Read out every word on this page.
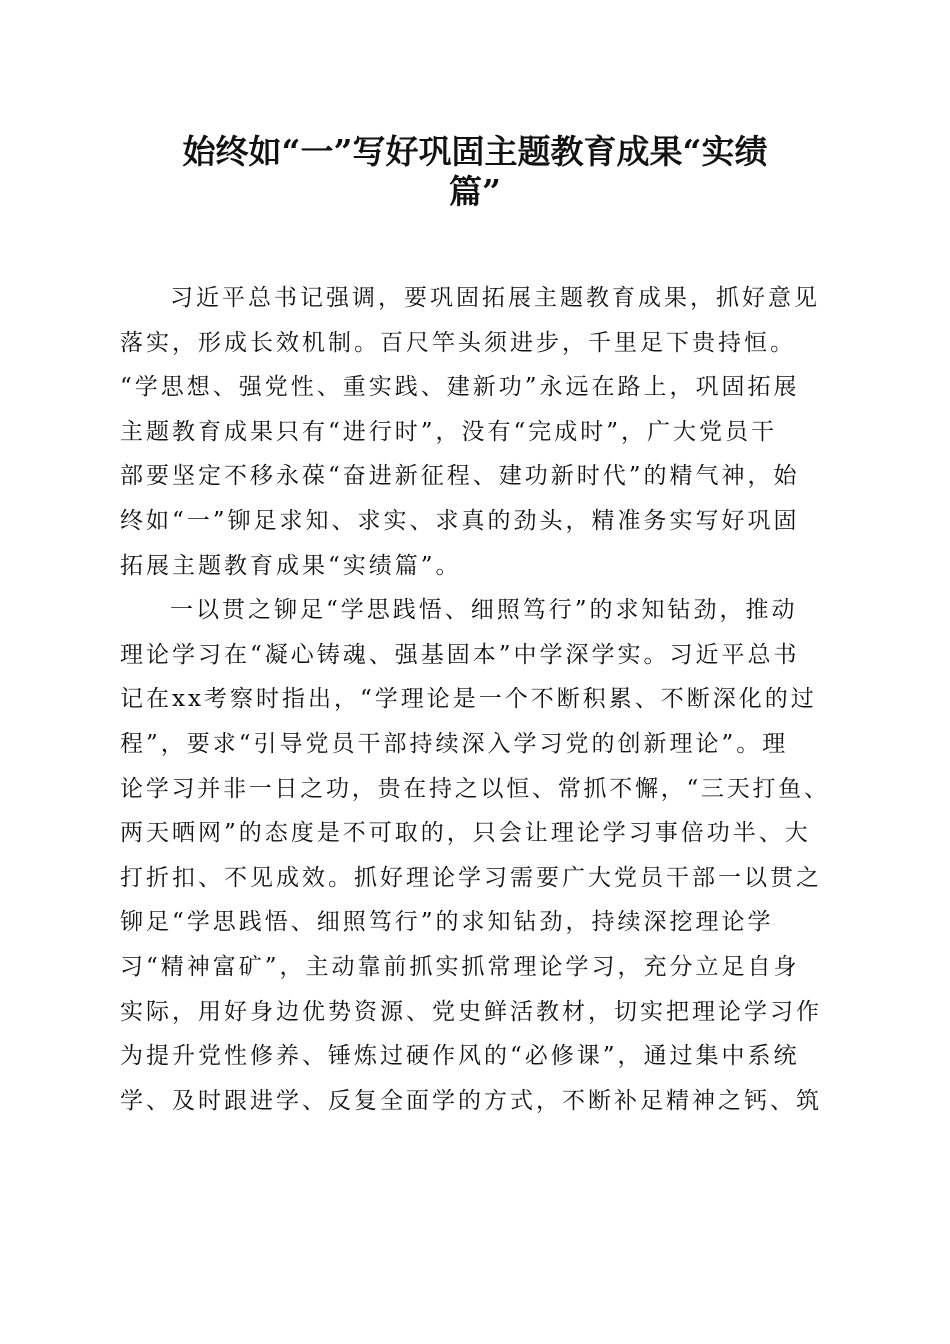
始终如“一”写好巩固主题教育成果“实绩
篇”
习近平总书记强调，要巩固拓展主题教育成果，抓好意见
落实，形成长效机制。百尺竿头须进步，千里足下贵持恒。
“学思想、强党性、重实践、建新功”永远在路上，巩固拓展
主题教育成果只有“进行时”，没有“完成时”，广大党员干
部要坚定不移永葆“奋进新征程、建功新时代”的精气神，始
终如“一”铆足求知、求实、求真的劲头，精准务实写好巩固
拓展主题教育成果“实绩篇”。
一以贯之铆足“学思践悟、细照笃行”的求知钻劲，推动
理论学习在“凝心铸魂、强基固本”中学深学实。习近平总书
记在xx考察时指出，“学理论是一个不断积累、不断深化的过
程”，要求“引导党员干部持续深入学习党的创新理论”。理
论学习并非一日之功，贵在持之以恒、常抓不懈，“三天打鱼、
两天晒网”的态度是不可取的，只会让理论学习事倍功半、大
打折扣、不见成效。抓好理论学习需要广大党员干部一以贯之
铆足“学思践悟、细照笃行”的求知钻劲，持续深挖理论学
习“精神富矿”，主动靠前抓实抓常理论学习，充分立足自身
实际，用好身边优势资源、党史鲜活教材，切实把理论学习作
为提升党性修养、锤炼过硬作风的“必修课”，通过集中系统
学、及时跟进学、反复全面学的方式，不断补足精神之钙、筑
